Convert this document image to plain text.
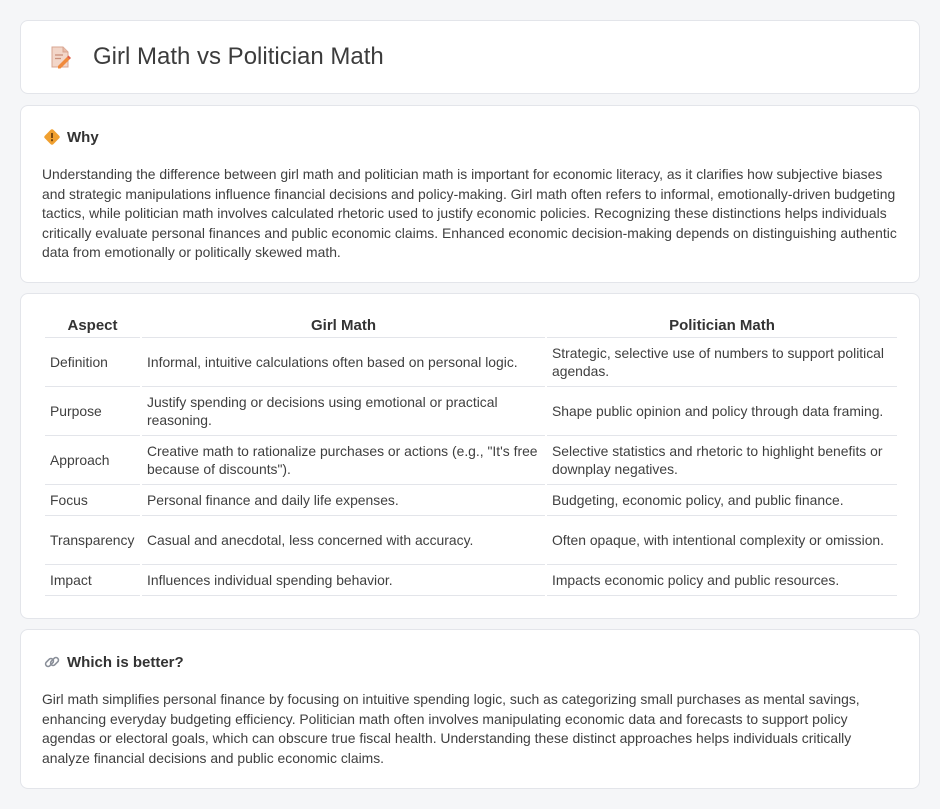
Girl Math vs Politician Math
Why

Understanding the difference between girl math and politician math is important for economic literacy, as it clarifies how subjective biases and strategic manipulations influence financial decisions and policy-making. Girl math often refers to informal, emotionally-driven budgeting tactics, while politician math involves calculated rhetoric used to justify economic policies. Recognizing these distinctions helps individuals critically evaluate personal finances and public economic claims. Enhanced economic decision-making depends on distinguishing authentic data from emotionally or politically skewed math.

Aspect	Girl Math	Politician Math
Definition	Informal, intuitive calculations often based on personal logic.	Strategic, selective use of numbers to support political agendas.
Purpose	Justify spending or decisions using emotional or practical reasoning.	Shape public opinion and policy through data framing.
Approach	Creative math to rationalize purchases or actions (e.g., "It's free because of discounts").	Selective statistics and rhetoric to highlight benefits or downplay negatives.
Focus	Personal finance and daily life expenses.	Budgeting, economic policy, and public finance.
Transparency	Casual and anecdotal, less concerned with accuracy.	Often opaque, with intentional complexity or omission.
Impact	Influences individual spending behavior.	Impacts economic policy and public resources.
Which is better?

Girl math simplifies personal finance by focusing on intuitive spending logic, such as categorizing small purchases as mental savings, enhancing everyday budgeting efficiency. Politician math often involves manipulating economic data and forecasts to support policy agendas or electoral goals, which can obscure true fiscal health. Understanding these distinct approaches helps individuals critically analyze financial decisions and public economic claims.
